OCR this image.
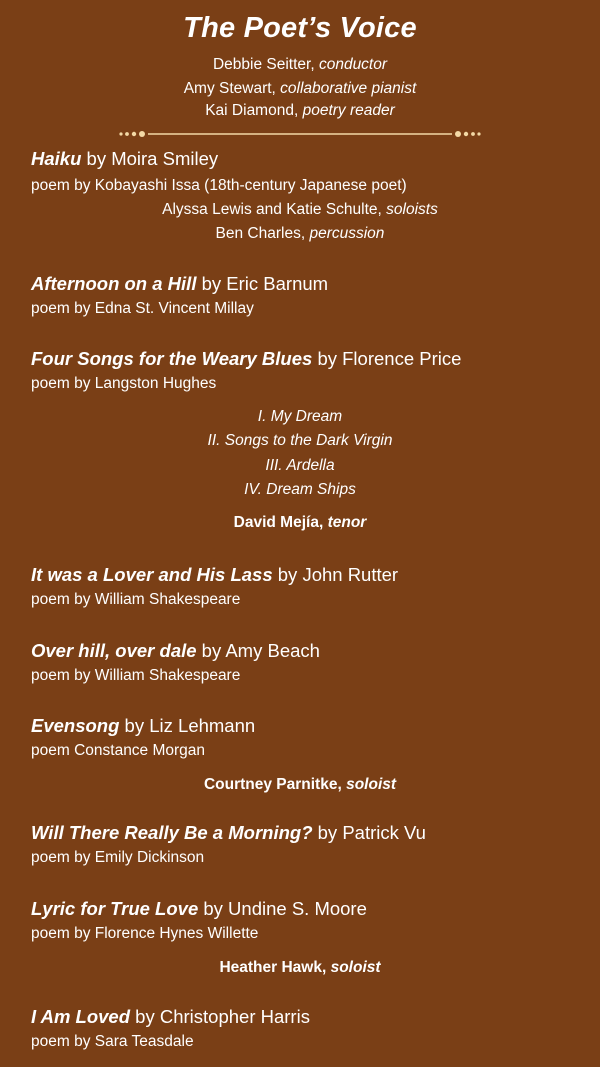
The Poet’s Voice
Debbie Seitter, conductor
Amy Stewart, collaborative pianist
Kai Diamond, poetry reader
Haiku by Moira Smiley
poem by Kobayashi Issa (18th-century Japanese poet)
Alyssa Lewis and Katie Schulte, soloists
Ben Charles, percussion
Afternoon on a Hill by Eric Barnum
poem by Edna St. Vincent Millay
Four Songs for the Weary Blues by Florence Price
poem by Langston Hughes
I. My Dream
II. Songs to the Dark Virgin
III. Ardella
IV. Dream Ships
David Mejía, tenor
It was a Lover and His Lass by John Rutter
poem by William Shakespeare
Over hill, over dale by Amy Beach
poem by William Shakespeare
Evensong by Liz Lehmann
poem Constance Morgan
Courtney Parnitke, soloist
Will There Really Be a Morning? by Patrick Vu
poem by Emily Dickinson
Lyric for True Love by Undine S. Moore
poem by Florence Hynes Willette
Heather Hawk, soloist
I Am Loved by Christopher Harris
poem by Sara Teasdale
